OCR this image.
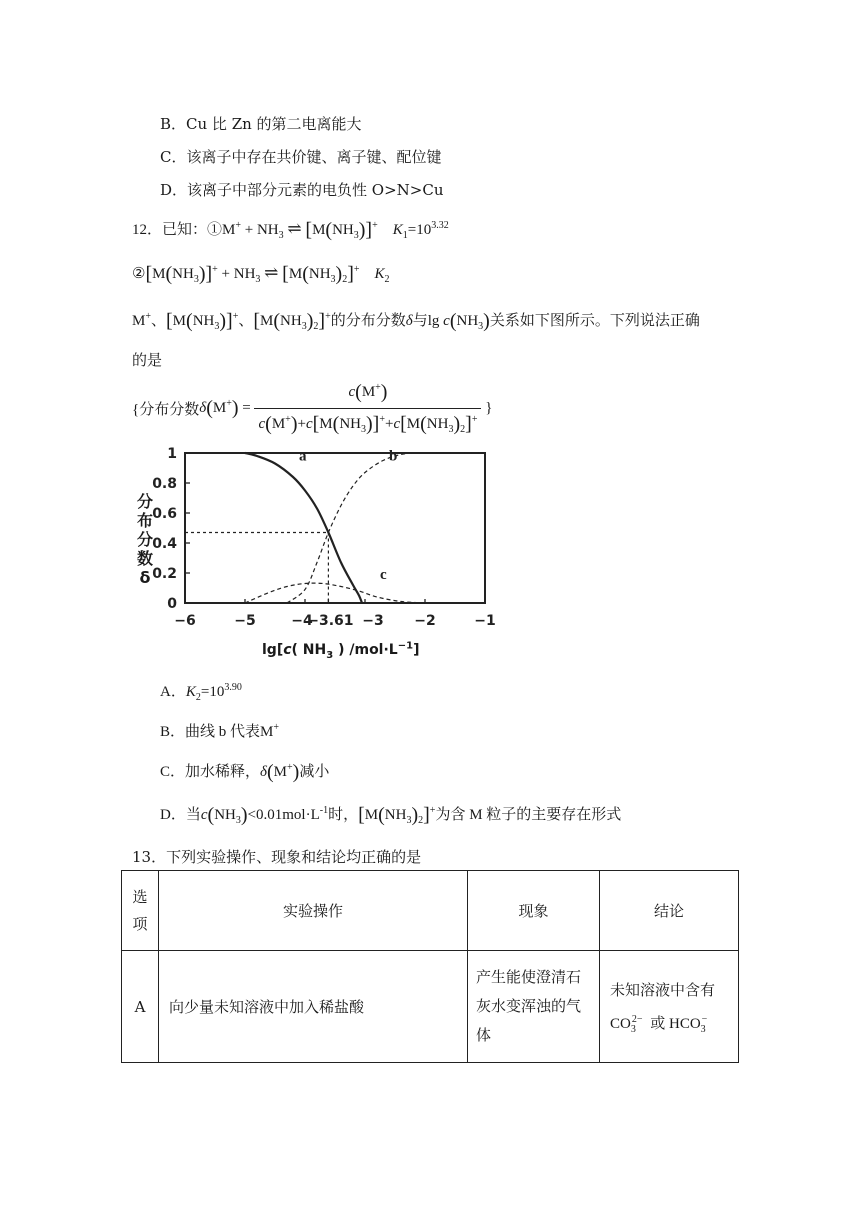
B．Cu 比 Zn 的第二电离能大
C．该离子中存在共价键、离子键、配位键
D．该离子中部分元素的电负性 O>N>Cu
12．已知：①M+ + $NH_3$ ⇌ $[M(NH_3)]^+$ $K_1=10^{3.32}$
$②[M(NH_3)]^+ + NH_3$ ⇌ $[M(NH_3)_2]^+$ $K_2$
M+、$[M(NH_3)]^+$、$[M(NH_3)_2]^+$的分布分数δ与$\lg c(NH_3)$关系如下图所示。下列说法正确
的是
{分布分数$\delta(M^+) = \frac{c(M^+)}{c(M^+)+c[M(NH_3)]^++c[M(NH_3)_2]^+}$ }
0
0.2
0.4
0.6
0.8
1
−6	−5	−4
−3.61 −3 −2	−1
a	b
c
分
布
分
数
δ
lg[c( $NH_3$ ) $/mol\cdot L^{-1}$]
A．$K_2=10^{3.90}$
B．曲线 b 代表M+
C．加水稀释，δ(M+)减小
D．当$c(NH_3)<0.01mol\cdot L^{-1}$时，$[M(NH_3)_2]^+$为含 M 粒子的主要存在形式
13．下列实验操作、现象和结论均正确的是
选项	实验操作	现象	结论
A	向少量未知溶液中加入稀盐酸	产生能使澄清石灰水变浑浊的气体	未知溶液中含有
$CO_3^{2-}$ 或 $HCO_3^-$
